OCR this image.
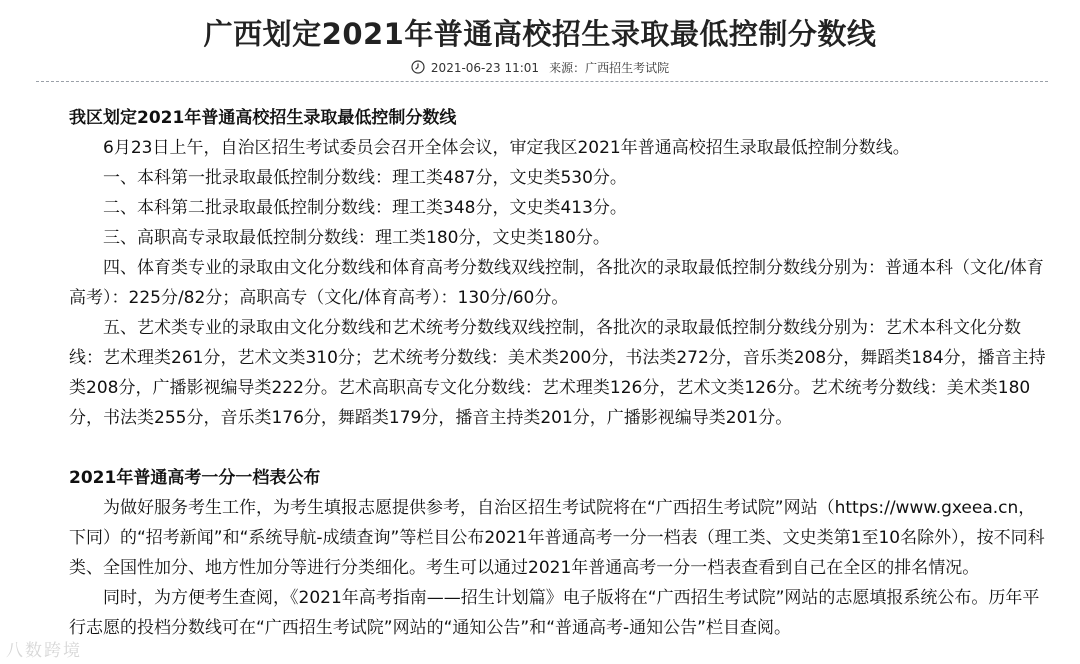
广西划定2021年普通高校招生录取最低控制分数线
2021-06-23 11:01 来源：广西招生考试院

我区划定2021年普通高校招生录取最低控制分数线

6月23日上午，自治区招生考试委员会召开全体会议，审定我区2021年普通高校招生录取最低控制分数线。

一、本科第一批录取最低控制分数线：理工类487分，文史类530分。

二、本科第二批录取最低控制分数线：理工类348分，文史类413分。

三、高职高专录取最低控制分数线：理工类180分，文史类180分。

四、体育类专业的录取由文化分数线和体育高考分数线双线控制，各批次的录取最低控制分数线分别为：普通本科（文化/体育高考）：225分/82分；高职高专（文化/体育高考）：130分/60分。

五、艺术类专业的录取由文化分数线和艺术统考分数线双线控制，各批次的录取最低控制分数线分别为：艺术本科文化分数线：艺术理类261分，艺术文类310分；艺术统考分数线：美术类200分，书法类272分，音乐类208分，舞蹈类184分，播音主持类208分，广播影视编导类222分。艺术高职高专文化分数线：艺术理类126分，艺术文类126分。艺术统考分数线：美术类180分，书法类255分，音乐类176分，舞蹈类179分，播音主持类201分，广播影视编导类201分。

2021年普通高考一分一档表公布

为做好服务考生工作，为考生填报志愿提供参考，自治区招生考试院将在“广西招生考试院”网站（https://www.gxeea.cn，下同）的“招考新闻”和“系统导航-成绩查询”等栏目公布2021年普通高考一分一档表（理工类、文史类第1至10名除外），按不同科类、全国性加分、地方性加分等进行分类细化。考生可以通过2021年普通高考一分一档表查看到自己在全区的排名情况。

同时，为方便考生查阅，《2021年高考指南——招生计划篇》电子版将在“广西招生考试院”网站的志愿填报系统公布。历年平行志愿的投档分数线可在“广西招生考试院”网站的“通知公告”和“普通高考-通知公告”栏目查阅。

八数跨境
